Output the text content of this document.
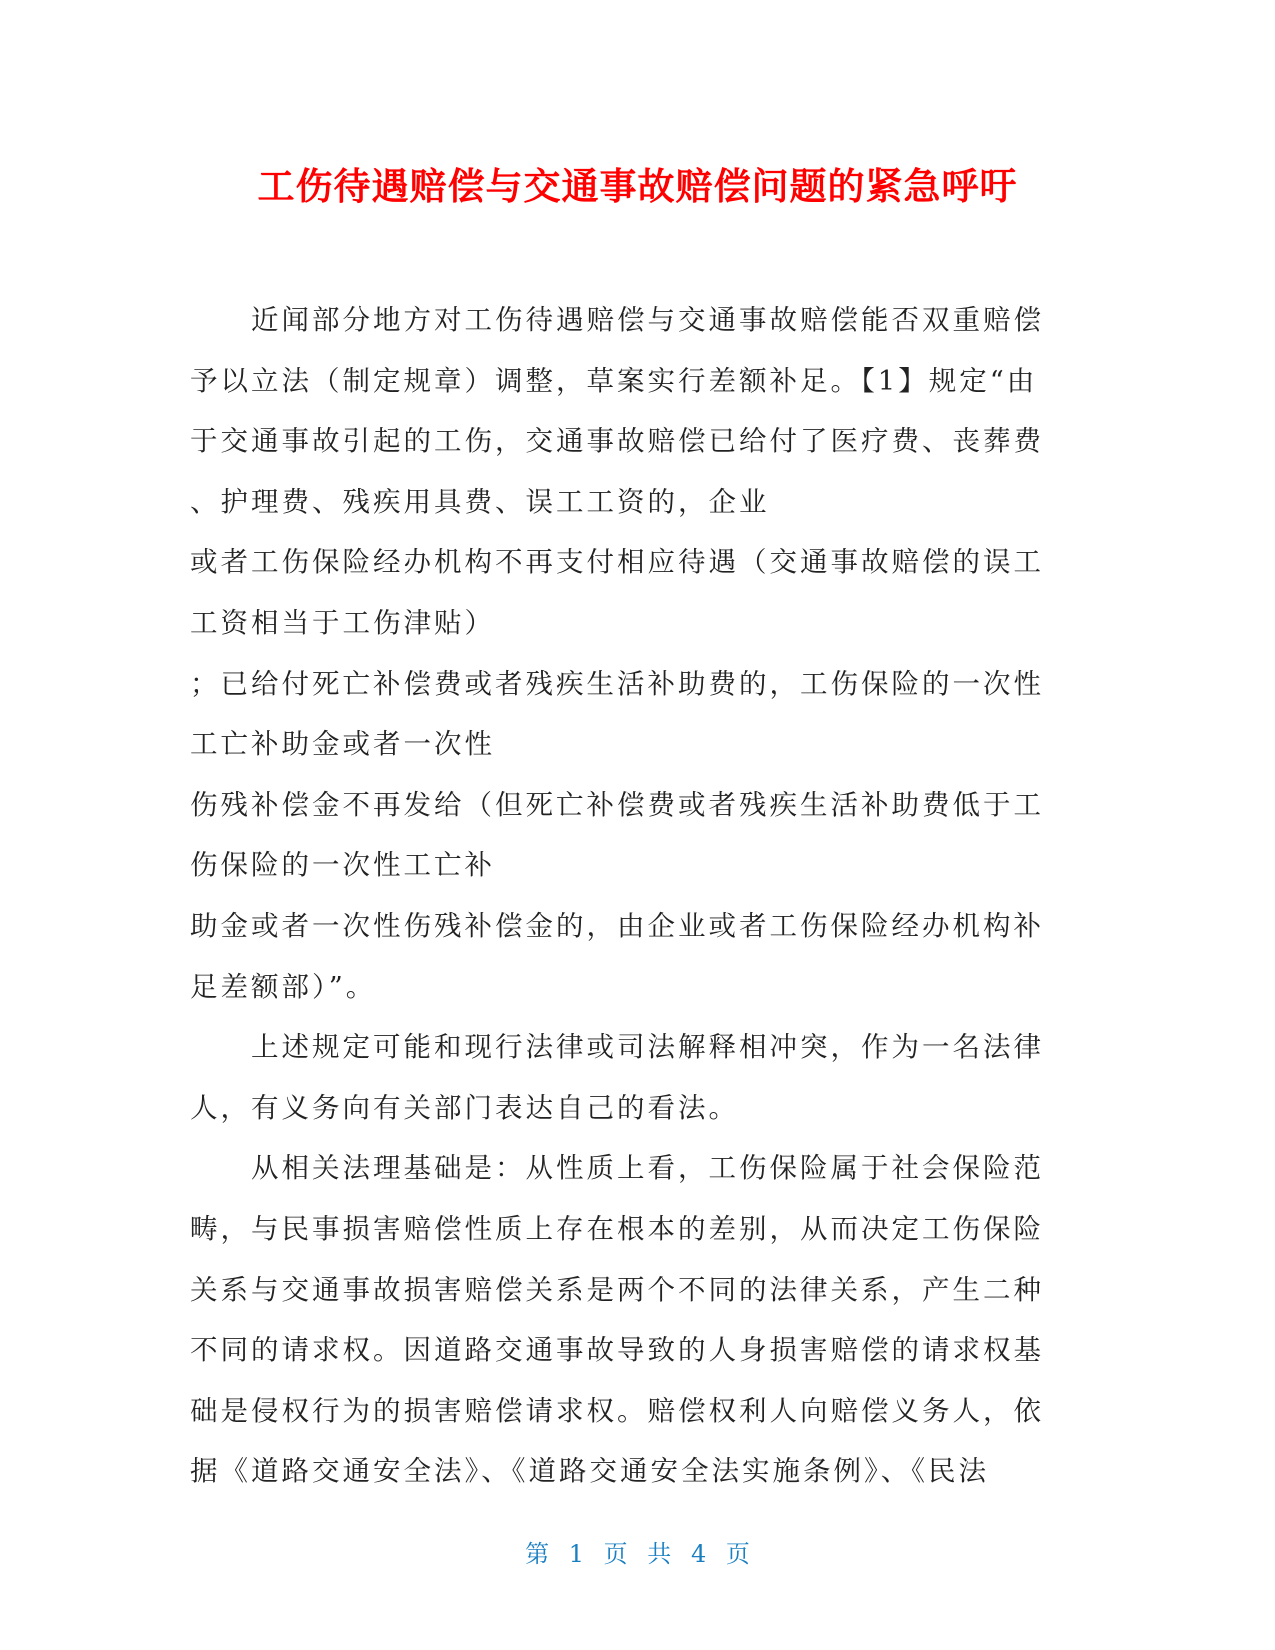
工伤待遇赔偿与交通事故赔偿问题的紧急呼吁
近闻部分地方对工伤待遇赔偿与交通事故赔偿能否双重赔偿
予以立法（制定规章）调整，草案实行差额补足。【1】规定“由
于交通事故引起的工伤，交通事故赔偿已给付了医疗费、丧葬费
、护理费、残疾用具费、误工工资的，企业
或者工伤保险经办机构不再支付相应待遇（交通事故赔偿的误工
工资相当于工伤津贴）
；已给付死亡补偿费或者残疾生活补助费的，工伤保险的一次性
工亡补助金或者一次性
伤残补偿金不再发给（但死亡补偿费或者残疾生活补助费低于工
伤保险的一次性工亡补
助金或者一次性伤残补偿金的，由企业或者工伤保险经办机构补
足差额部）”。
上述规定可能和现行法律或司法解释相冲突，作为一名法律
人，有义务向有关部门表达自己的看法。
从相关法理基础是：从性质上看，工伤保险属于社会保险范
畴，与民事损害赔偿性质上存在根本的差别，从而决定工伤保险
关系与交通事故损害赔偿关系是两个不同的法律关系，产生二种
不同的请求权。因道路交通事故导致的人身损害赔偿的请求权基
础是侵权行为的损害赔偿请求权。赔偿权利人向赔偿义务人，依
据《道路交通安全法》、《道路交通安全法实施条例》、《民法
第 1 页 共 4 页
